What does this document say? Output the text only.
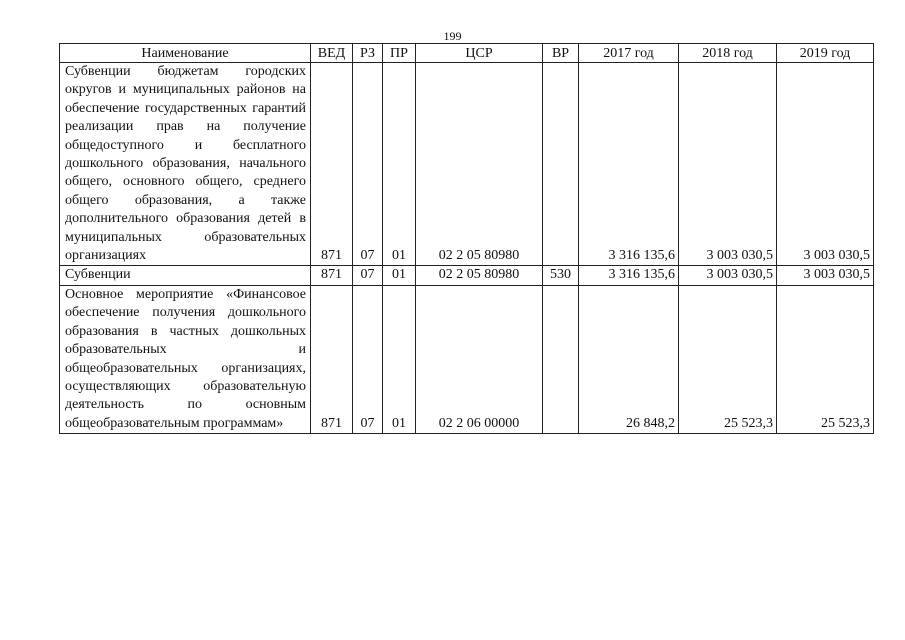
199
Наименование	ВЕД	РЗ	ПР	ЦСР	ВР	2017 год	2018 год	2019 год
Субвенции бюджетам городских округов и муниципальных районов на обеспечение государственных гарантий реализации прав на получение общедоступного и бесплатного дошкольного образования, начального общего, основного общего, среднего общего образования, а также дополнительного образования детей в муниципальных образовательных организациях	871	07	01	02 2 05 80980		3 316 135,6	3 003 030,5	3 003 030,5
Субвенции	871	07	01	02 2 05 80980	530	3 316 135,6	3 003 030,5	3 003 030,5
Основное мероприятие «Финансовое обеспечение получения дошкольного образования в частных дошкольных образовательных и общеобразовательных организациях, осуществляющих образовательную деятельность по основным общеобразовательным программам»	871	07	01	02 2 06 00000		26 848,2	25 523,3	25 523,3
